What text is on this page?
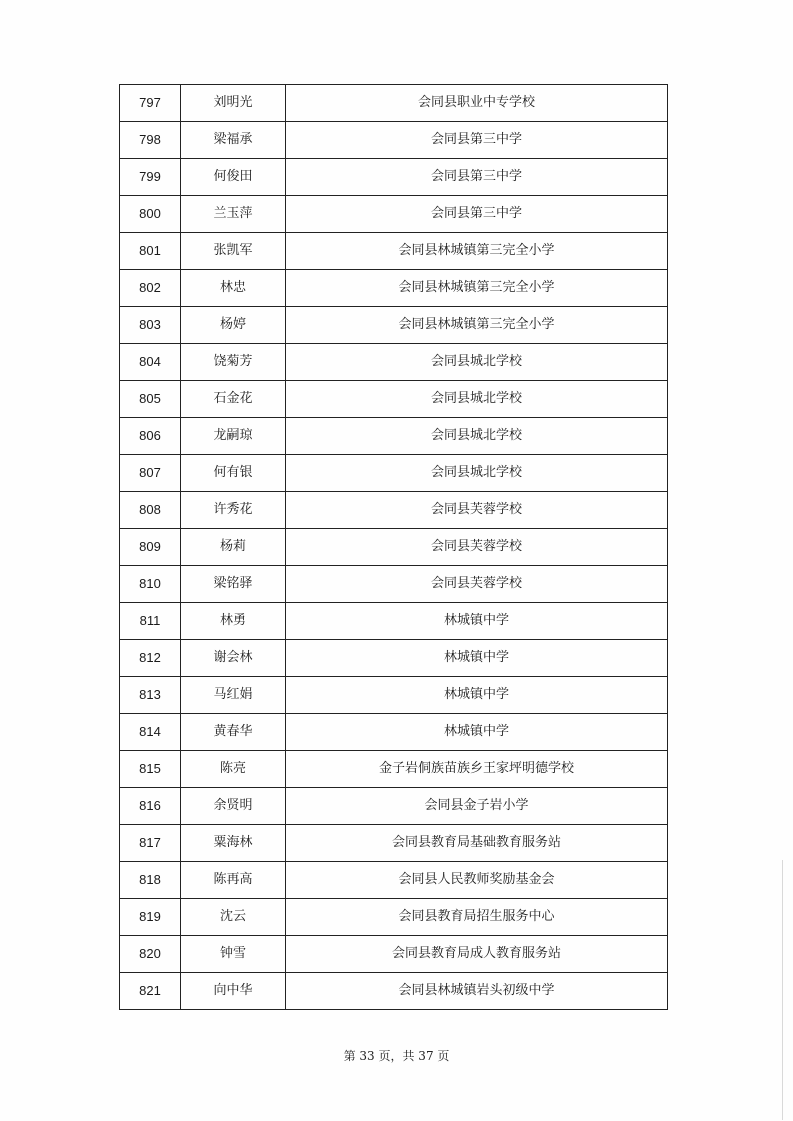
797	刘明光	会同县职业中专学校
798	梁福承	会同县第三中学
799	何俊田	会同县第三中学
800	兰玉萍	会同县第三中学
801	张凯军	会同县林城镇第三完全小学
802	林忠	会同县林城镇第三完全小学
803	杨婷	会同县林城镇第三完全小学
804	饶菊芳	会同县城北学校
805	石金花	会同县城北学校
806	龙嗣琼	会同县城北学校
807	何有银	会同县城北学校
808	许秀花	会同县芙蓉学校
809	杨莉	会同县芙蓉学校
810	梁铭驿	会同县芙蓉学校
811	林勇	林城镇中学
812	谢会林	林城镇中学
813	马红娟	林城镇中学
814	黄春华	林城镇中学
815	陈亮	金子岩侗族苗族乡王家坪明德学校
816	余贤明	会同县金子岩小学
817	粟海林	会同县教育局基础教育服务站
818	陈再高	会同县人民教师奖励基金会
819	沈云	会同县教育局招生服务中心
820	钟雪	会同县教育局成人教育服务站
821	向中华	会同县林城镇岩头初级中学
第 33 页，共 37 页
